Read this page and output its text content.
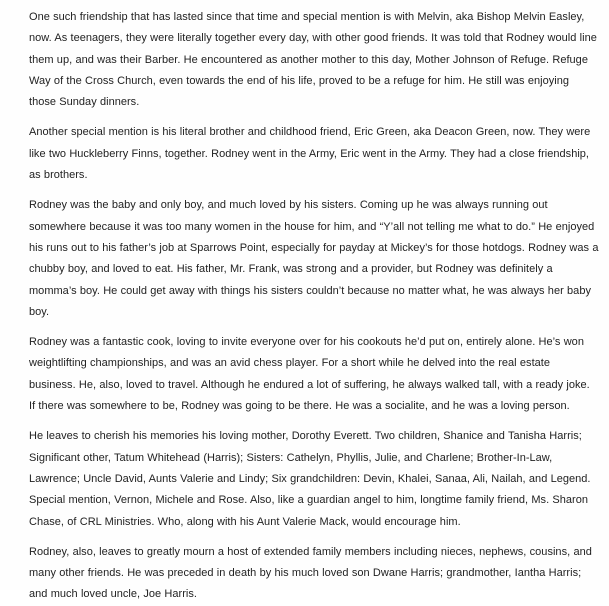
One such friendship that has lasted since that time and special mention is with Melvin, aka Bishop Melvin Easley, now. As teenagers, they were literally together every day, with other good friends. It was told that Rodney would line them up, and was their Barber. He encountered as another mother to this day, Mother Johnson of Refuge. Refuge Way of the Cross Church, even towards the end of his life, proved to be a refuge for him. He still was enjoying those Sunday dinners.

Another special mention is his literal brother and childhood friend, Eric Green, aka Deacon Green, now. They were like two Huckleberry Finns, together. Rodney went in the Army, Eric went in the Army. They had a close friendship, as brothers.

Rodney was the baby and only boy, and much loved by his sisters. Coming up he was always running out somewhere because it was too many women in the house for him, and “Y’all not telling me what to do.” He enjoyed his runs out to his father’s job at Sparrows Point, especially for payday at Mickey’s for those hotdogs. Rodney was a chubby boy, and loved to eat. His father, Mr. Frank, was strong and a provider, but Rodney was definitely a momma’s boy. He could get away with things his sisters couldn’t because no matter what, he was always her baby boy.

Rodney was a fantastic cook, loving to invite everyone over for his cookouts he’d put on, entirely alone. He’s won weightlifting championships, and was an avid chess player. For a short while he delved into the real estate business. He, also, loved to travel. Although he endured a lot of suffering, he always walked tall, with a ready joke. If there was somewhere to be, Rodney was going to be there. He was a socialite, and he was a loving person.

He leaves to cherish his memories his loving mother, Dorothy Everett. Two children, Shanice and Tanisha Harris; Significant other, Tatum Whitehead (Harris); Sisters: Cathelyn, Phyllis, Julie, and Charlene; Brother-In-Law, Lawrence; Uncle David, Aunts Valerie and Lindy; Six grandchildren: Devin, Khalei, Sanaa, Ali, Nailah, and Legend. Special mention, Vernon, Michele and Rose. Also, like a guardian angel to him, longtime family friend, Ms. Sharon Chase, of CRL Ministries. Who, along with his Aunt Valerie Mack, would encourage him.

Rodney, also, leaves to greatly mourn a host of extended family members including nieces, nephews, cousins, and many other friends. He was preceded in death by his much loved son Dwane Harris; grandmother, Iantha Harris; and much loved uncle, Joe Harris.
